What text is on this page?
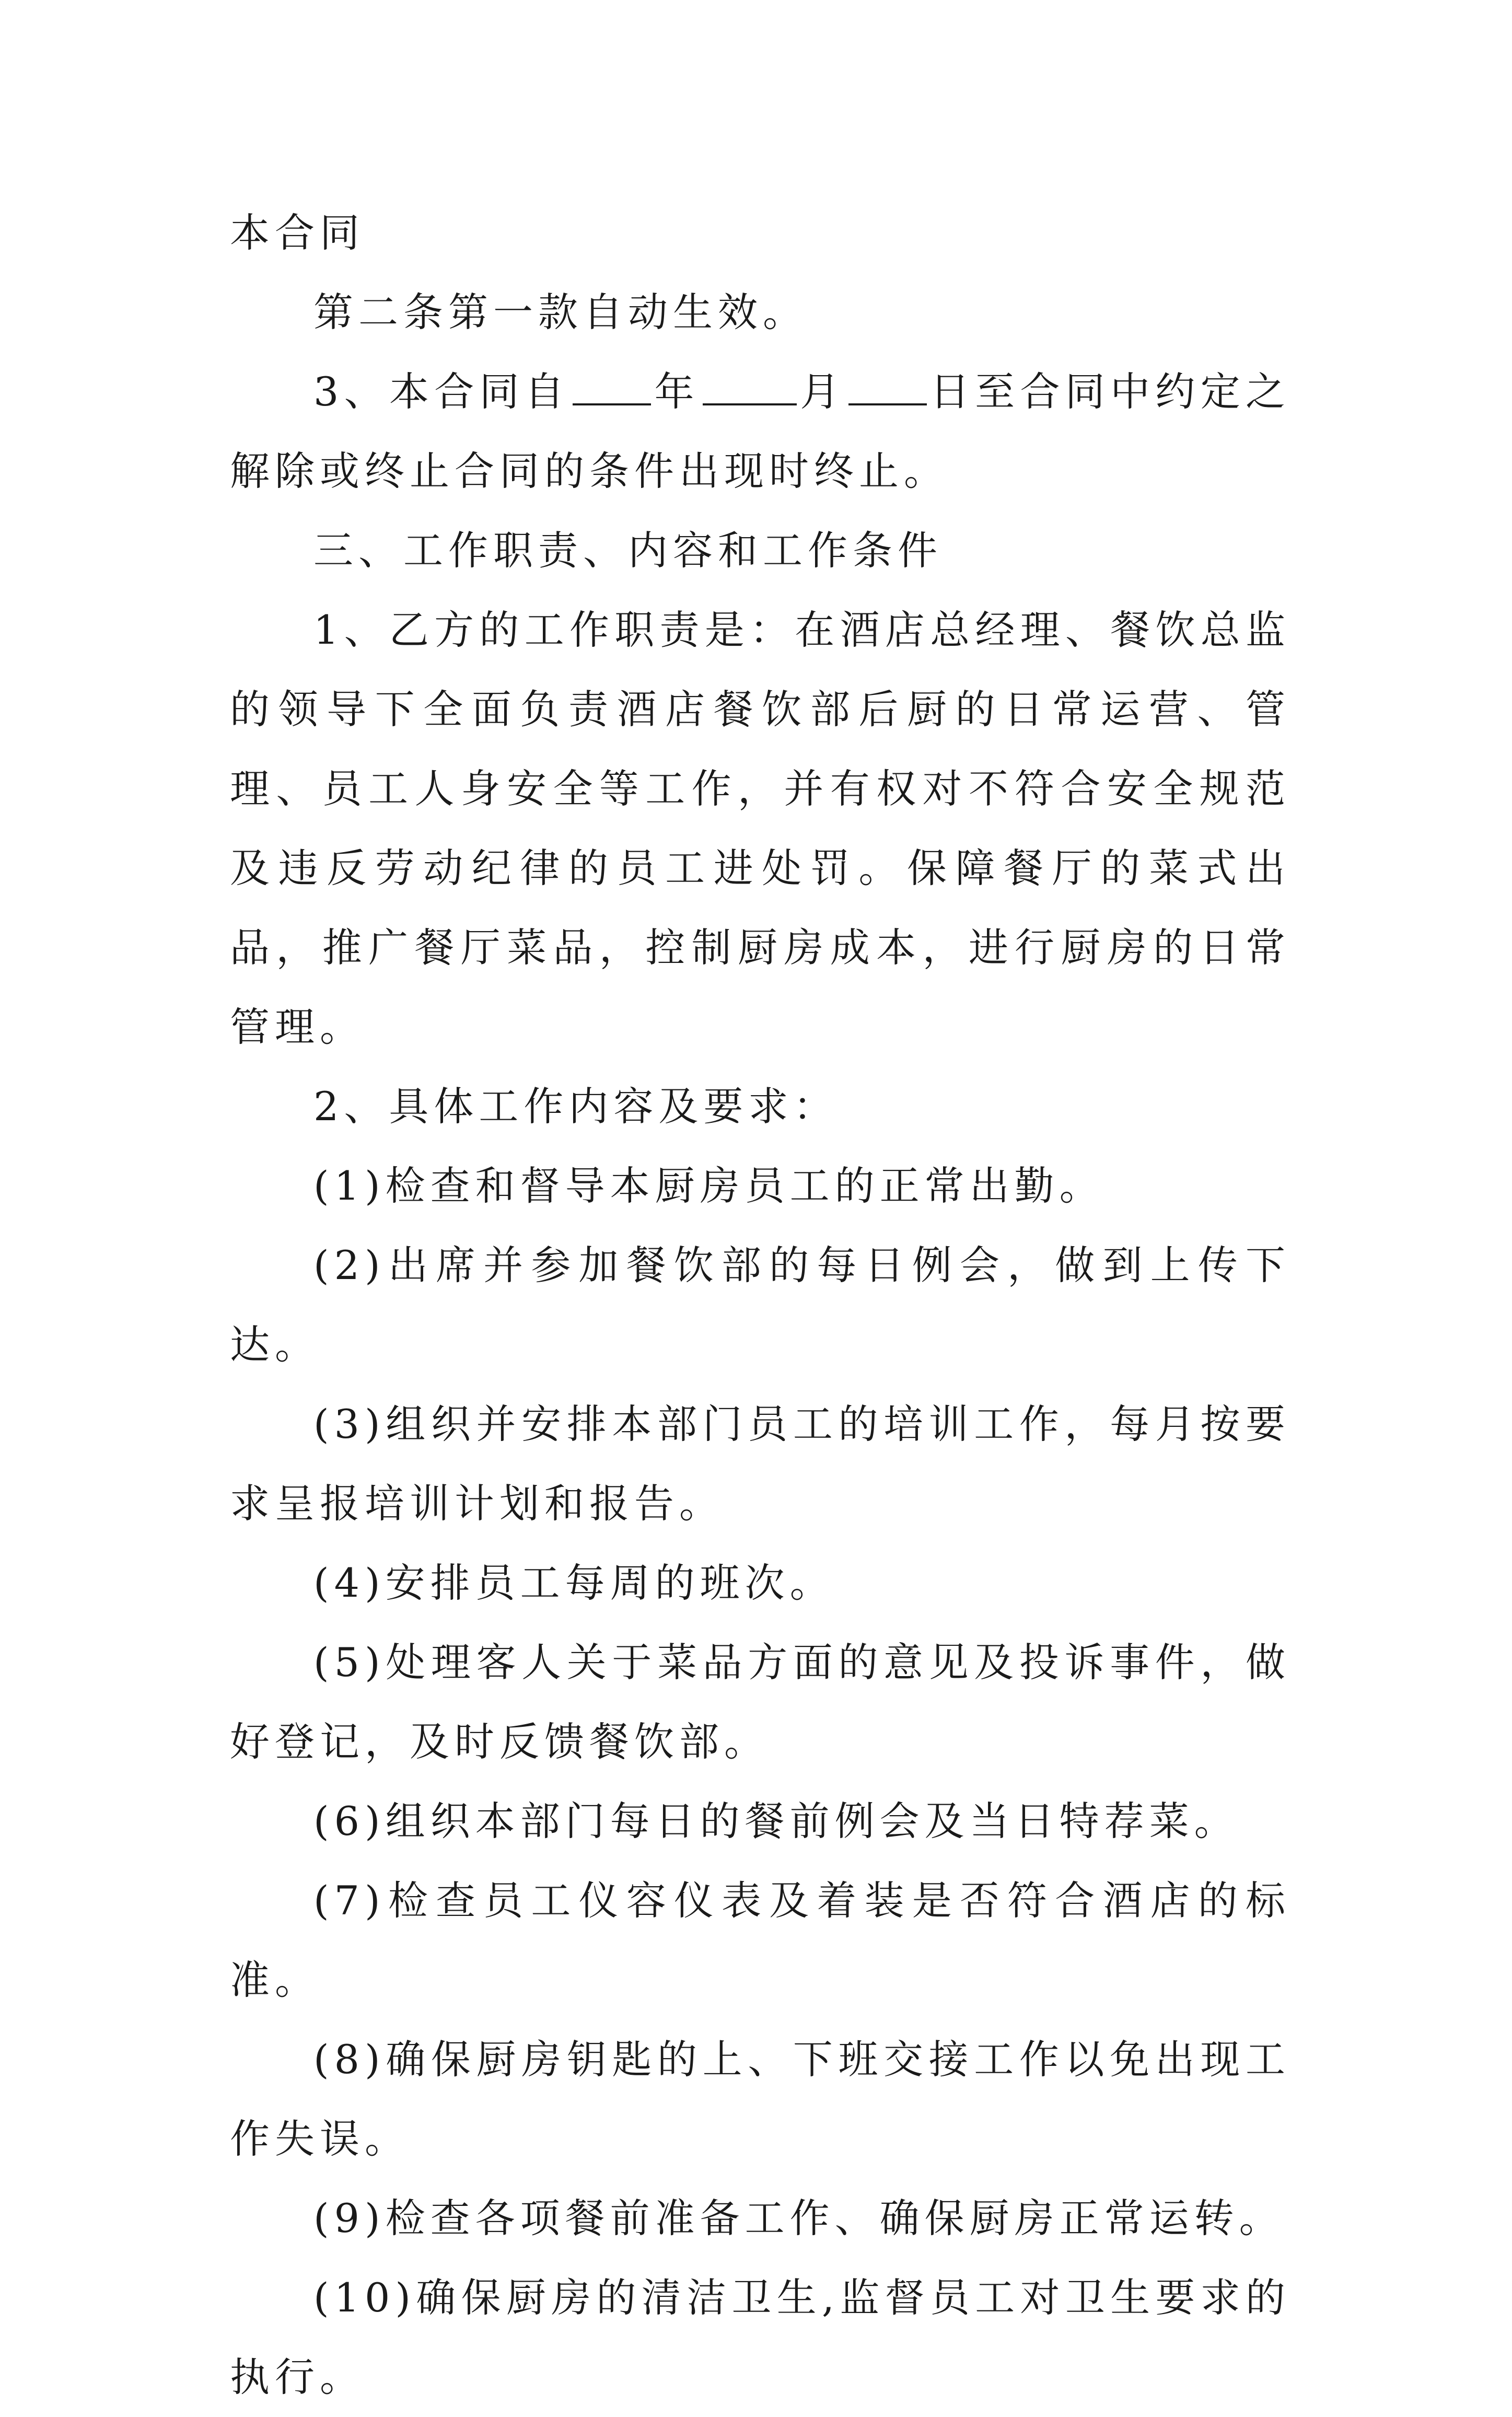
本合同

第二条第一款自动生效。

3、本合同自 年	月 日至合同中约定之解除或终止合同的条件出现时终止。

三、工作职责、内容和工作条件

1、乙方的工作职责是：在酒店总经理、餐饮总监的领导下全面负责酒店餐饮部后厨的日常运营、管理、员工人身安全等工作，并有权对不符合安全规范及违反劳动纪律的员工进处罚。保障餐厅的菜式出品，推广餐厅菜品，控制厨房成本，进行厨房的日常管理。

2、具体工作内容及要求：

(1)检查和督导本厨房员工的正常出勤。

(2)出席并参加餐饮部的每日例会，做到上传下达。

(3)组织并安排本部门员工的培训工作，每月按要求呈报培训计划和报告。

(4)安排员工每周的班次。

(5)处理客人关于菜品方面的意见及投诉事件，做好登记，及时反馈餐饮部。

(6)组织本部门每日的餐前例会及当日特荐菜。

(7)检查员工仪容仪表及着装是否符合酒店的标准。

(8)确保厨房钥匙的上、下班交接工作以免出现工作失误。

(9)检查各项餐前准备工作、确保厨房正常运转。

(10)确保厨房的清洁卫生,监督员工对卫生要求的执行。
